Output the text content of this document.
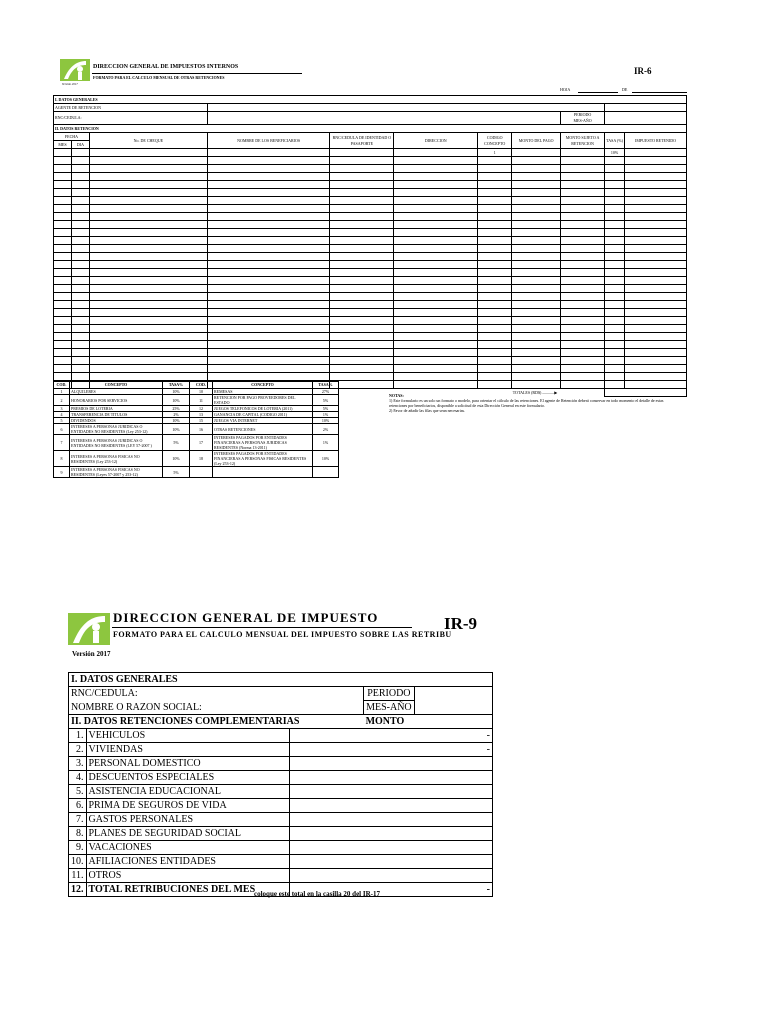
Versión 2017
DIRECCION GENERAL DE IMPUESTOS INTERNOS
FORMATO PARA EL CALCULO MENSUAL DE OTRAS RETENCIONES
IR-6
HOJA	DE
I. DATOS GENERALES										
AGENTE DE RETENCION										
RNC/CEDULA:								PERIODO
MES-AÑO		
II. DATOS RETENCION										
FECHA		No. DE CHEQUE	NOMBRE DE LOS BENEFICIARIOS	RNC/CEDULA DE IDENTIDAD O PASAPORTE	DIRECCION	CODIGO CONCEPTO	MONTO DEL PAGO	MONTO SUJETO A RETENCION	TASA (%)	IMPUESTO RETENIDO
MES	DIA									
						1			10%	

							TOTALES (RD$) ———▶			
COD.	CONCEPTO	TASA%	COD.	CONCEPTO	TASA%
1	ALQUILERES	10%	10	REMESAS	27%
2	HONORARIOS POR SERVICIOS	10%	11	RETENCION POR PAGO PROVEEDORES DEL ESTADO	5%
3	PREMIOS DE LOTERIA	25%	12	JUEGOS TELEFONICOS DE LOTERIA (2011)	5%
4	TRANSFERENCIA DE TITULOS	2%	13	GANANCIA DE CAPITAL (CODIGO 2011)	1%
5	DIVIDENDOS	10%	15	JUEGOS VIA INTERNET	10%
6	INTERESES A PERSONAS JURIDICAS O ENTIDADES NO RESIDENTES (Ley 253-12)	10%	16	OTRAS RETENCIONES	2%
7	INTERESES A PERSONAS JURIDICAS O ENTIDADES NO RESIDENTES (LEY 57-2007 )	5%	17	INTERESES PAGADOS POR ENTIDADES FINANCIERAS A PERSONAS JURIDICAS RESIDENTES (Norma 13-2011)	1%
8	INTERESES A PERSONAS FISICAS NO RESIDENTES (Ley 253-12)	10%	18	INTERESES PAGADOS POR ENTIDADES FINANCIERAS A PERSONAS FISICAS RESIDENTES (Ley 253-12)	10%
9	INTERESES A PERSONAS FISICAS NO RESIDENTES (Leyes 57-2007 y 253-12)	5%			
NOTAS:
1) Este formulario es un solo un formato o modelo, para orientar el cálculo de las retenciones. El agente de Retención deberá conservar en todo momento el detalle de estas retenciones por beneficiarios, disponible a solicitud de esta Dirección General en este formulario.
2) Favor de añadir las filas que sean necesarias.
DIRECCION GENERAL DE IMPUESTO
FORMATO PARA EL CALCULO MENSUAL DEL IMPUESTO SOBRE LAS RETRIBU
IR-9
Versión 2017
I. DATOS GENERALES				
RNC/CEDULA:			PERIODO	
NOMBRE O RAZON SOCIAL:			MES-AÑO	
II. DATOS RETENCIONES COMPLEMENTARIAS			MONTO	
1.	VEHICULOS	-		
2.	VIVIENDAS	-		
3.	PERSONAL DOMESTICO			
4.	DESCUENTOS ESPECIALES			
5.	ASISTENCIA EDUCACIONAL			
6.	PRIMA DE SEGUROS DE VIDA			
7.	GASTOS PERSONALES			
8.	PLANES DE SEGURIDAD SOCIAL			
9.	VACACIONES			
10.	AFILIACIONES ENTIDADES			
11.	OTROS			
12.	TOTAL RETRIBUCIONES DEL MES	-		
coloque este total en la casilla 20 del IR-17
